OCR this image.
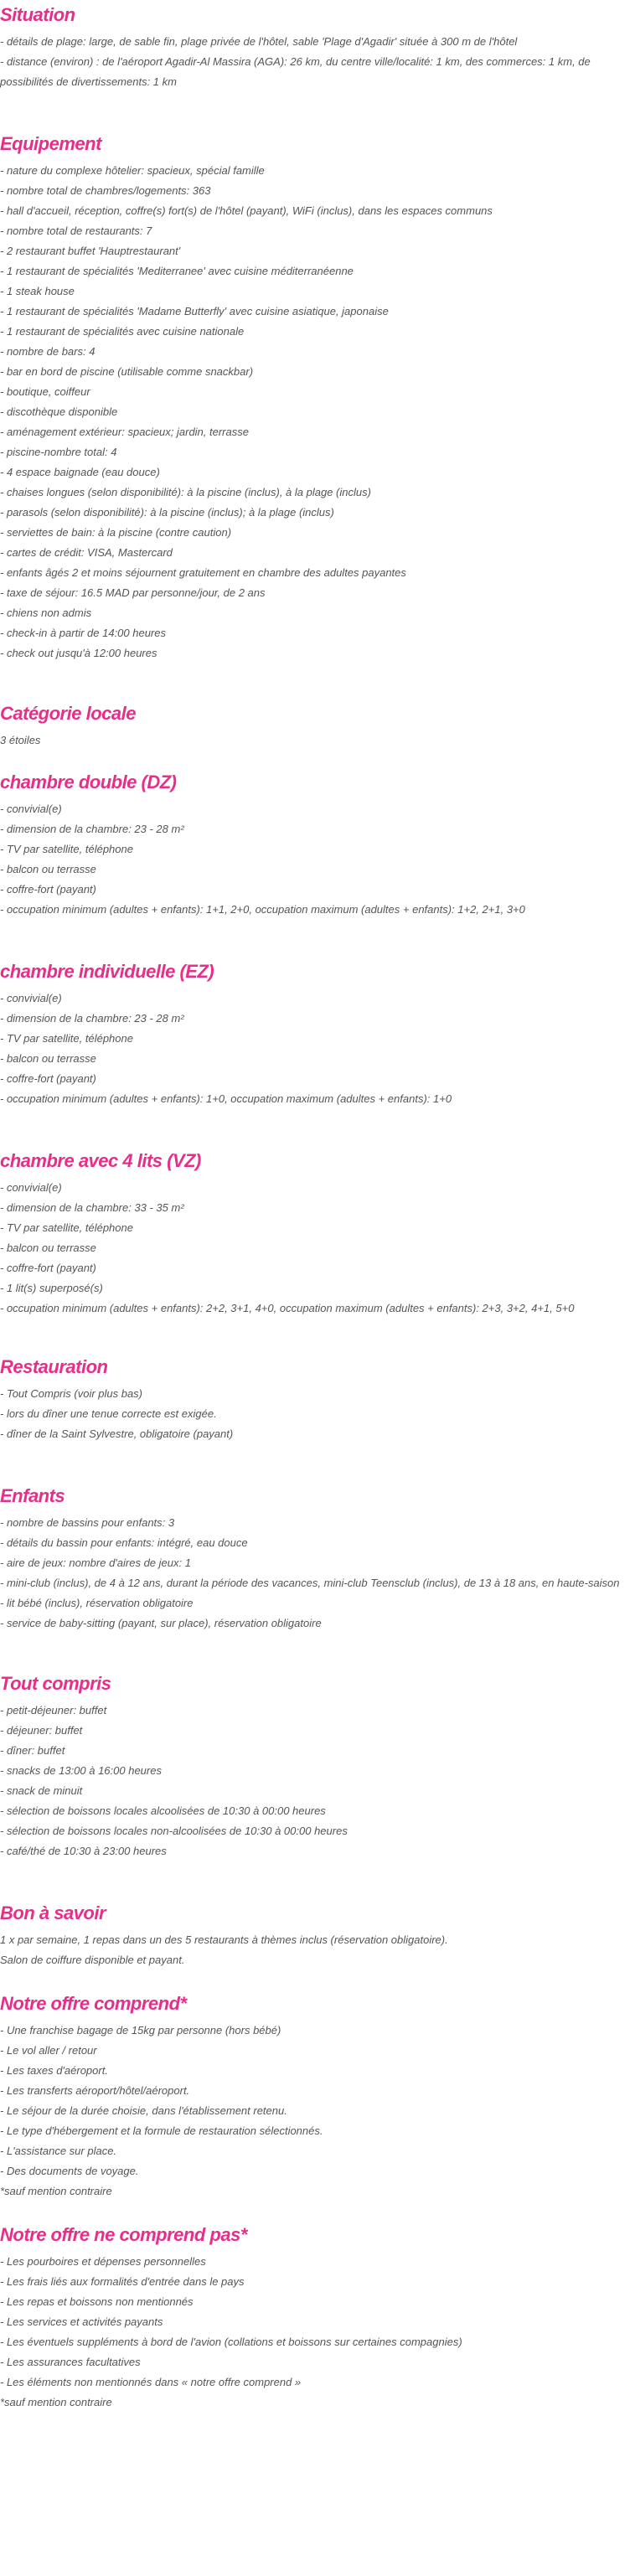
Situation
- détails de plage: large, de sable fin, plage privée de l'hôtel, sable 'Plage d'Agadir' située à 300 m de l'hôtel
- distance (environ) : de l'aéroport Agadir-Al Massira (AGA): 26 km, du centre ville/localité: 1 km, des commerces: 1 km, de possibilités de divertissements: 1 km
Equipement
- nature du complexe hôtelier: spacieux, spécial famille
- nombre total de chambres/logements: 363
- hall d'accueil, réception, coffre(s) fort(s) de l'hôtel (payant), WiFi (inclus), dans les espaces communs
- nombre total de restaurants: 7
- 2 restaurant buffet 'Hauptrestaurant'
- 1 restaurant de spécialités 'Mediterranee' avec cuisine méditerranéenne
- 1 steak house
- 1 restaurant de spécialités 'Madame Butterfly' avec cuisine asiatique, japonaise
- 1 restaurant de spécialités avec cuisine nationale
- nombre de bars: 4
- bar en bord de piscine (utilisable comme snackbar)
- boutique, coiffeur
- discothèque disponible
- aménagement extérieur: spacieux; jardin, terrasse
- piscine-nombre total: 4
- 4 espace baignade (eau douce)
- chaises longues (selon disponibilité): à la piscine (inclus), à la plage (inclus)
- parasols (selon disponibilité): à la piscine (inclus); à la plage (inclus)
- serviettes de bain: à la piscine (contre caution)
- cartes de crédit: VISA, Mastercard
- enfants âgés 2 et moins séjournent gratuitement en chambre des adultes payantes
- taxe de séjour: 16.5 MAD par personne/jour, de 2 ans
- chiens non admis
- check-in à partir de 14:00 heures
- check out jusqu'à 12:00 heures
Catégorie locale
3 étoiles
chambre double (DZ)
- convivial(e)
- dimension de la chambre: 23 - 28 m²
- TV par satellite, téléphone
- balcon ou terrasse
- coffre-fort (payant)
- occupation minimum (adultes + enfants): 1+1, 2+0, occupation maximum (adultes + enfants): 1+2, 2+1, 3+0
chambre individuelle (EZ)
- convivial(e)
- dimension de la chambre: 23 - 28 m²
- TV par satellite, téléphone
- balcon ou terrasse
- coffre-fort (payant)
- occupation minimum (adultes + enfants): 1+0, occupation maximum (adultes + enfants): 1+0
chambre avec 4 lits (VZ)
- convivial(e)
- dimension de la chambre: 33 - 35 m²
- TV par satellite, téléphone
- balcon ou terrasse
- coffre-fort (payant)
- 1 lit(s) superposé(s)
- occupation minimum (adultes + enfants): 2+2, 3+1, 4+0, occupation maximum (adultes + enfants): 2+3, 3+2, 4+1, 5+0
Restauration
- Tout Compris (voir plus bas)
- lors du dîner une tenue correcte est exigée.
- dîner de la Saint Sylvestre, obligatoire (payant)
Enfants
- nombre de bassins pour enfants: 3
- détails du bassin pour enfants: intégré, eau douce
- aire de jeux: nombre d'aires de jeux: 1
- mini-club (inclus), de 4 à 12 ans, durant la période des vacances, mini-club Teensclub (inclus), de 13 à 18 ans, en haute-saison
- lit bébé (inclus), réservation obligatoire
- service de baby-sitting (payant, sur place), réservation obligatoire
Tout compris
- petit-déjeuner: buffet
- déjeuner: buffet
- dîner: buffet
- snacks de 13:00 à 16:00 heures
- snack de minuit
- sélection de boissons locales alcoolisées de 10:30 à 00:00 heures
- sélection de boissons locales non-alcoolisées de 10:30 à 00:00 heures
- café/thé de 10:30 à 23:00 heures
Bon à savoir
1 x par semaine, 1 repas dans un des 5 restaurants à thèmes inclus (réservation obligatoire).
Salon de coiffure disponible et payant.
Notre offre comprend*
- Une franchise bagage de 15kg par personne (hors bébé)
- Le vol aller / retour
- Les taxes d'aéroport.
- Les transferts aéroport/hôtel/aéroport.
- Le séjour de la durée choisie, dans l'établissement retenu.
- Le type d'hébergement et la formule de restauration sélectionnés.
- L'assistance sur place.
- Des documents de voyage.
*sauf mention contraire
Notre offre ne comprend pas*
- Les pourboires et dépenses personnelles
- Les frais liés aux formalités d'entrée dans le pays
- Les repas et boissons non mentionnés
- Les services et activités payants
- Les éventuels suppléments à bord de l'avion (collations et boissons sur certaines compagnies)
- Les assurances facultatives
- Les éléments non mentionnés dans « notre offre comprend »
*sauf mention contraire
